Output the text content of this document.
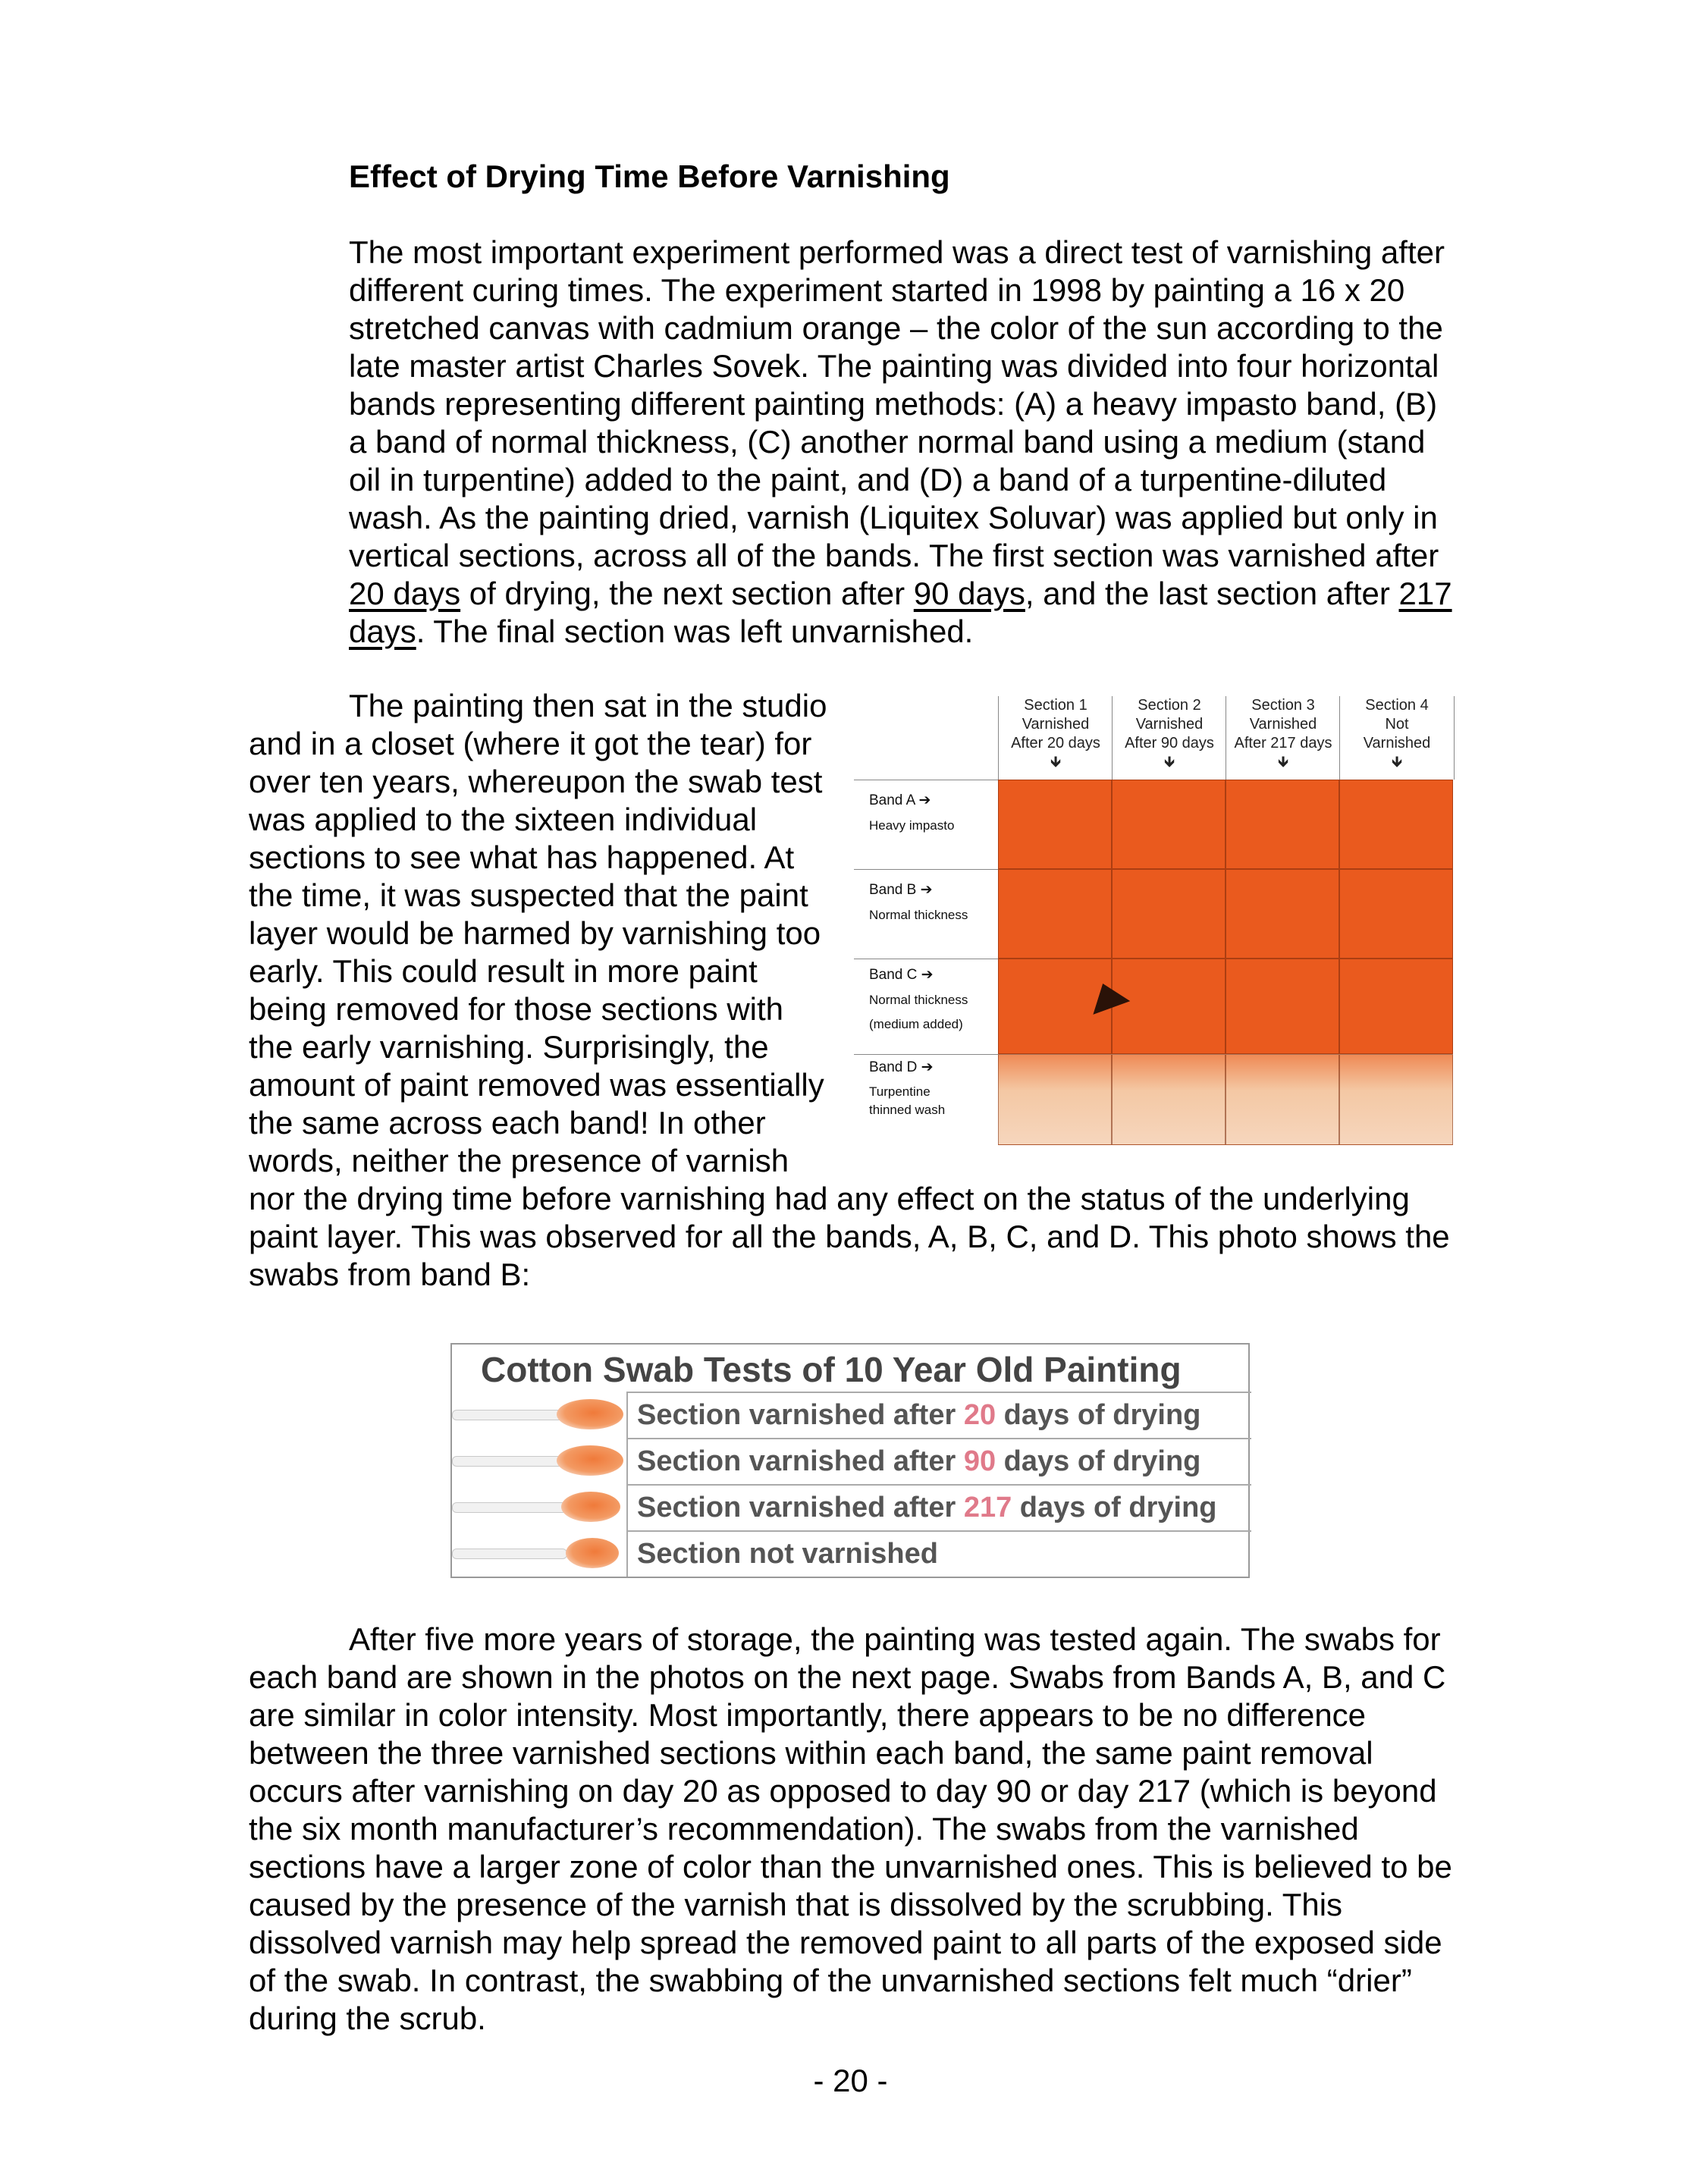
Effect of Drying Time Before Varnishing

The most important experiment performed was a direct test of varnishing after different curing times. The experiment started in 1998 by painting a 16 x 20 stretched canvas with cadmium orange – the color of the sun according to the late master artist Charles Sovek. The painting was divided into four horizontal bands representing different painting methods: (A) a heavy impasto band, (B) a band of normal thickness, (C) another normal band using a medium (stand oil in turpentine) added to the paint, and (D) a band of a turpentine-diluted wash. As the painting dried, varnish (Liquitex Soluvar) was applied but only in vertical sections, across all of the bands. The first section was varnished after 20 days of drying, the next section after 90 days, and the last section after 217 days. The final section was left unvarnished.

Section 1
Varnished
After 20 days
🡻
Section 2
Varnished
After 90 days
🡻
Section 3
Varnished
After 217 days
🡻
Section 4
Not
Varnished
🡻
Band A ➔
Heavy impasto
Band B ➔
Normal thickness
Band C ➔
Normal thickness
(medium added)
Band D ➔
Turpentine
thinned wash

The painting then sat in the studio and in a closet (where it got the tear) for over ten years, whereupon the swab test was applied to the sixteen individual sections to see what has happened. At the time, it was suspected that the paint layer would be harmed by varnishing too early. This could result in more paint being removed for those sections with the early varnishing. Surprisingly, the amount of paint removed was essentially the same across each band! In other words, neither the presence of varnish nor the drying time before varnishing had any effect on the status of the underlying paint layer. This was observed for all the bands, A, B, C, and D. This photo shows the swabs from band B:

Cotton Swab Tests of 10 Year Old Painting
Section varnished after 20 days of drying
Section varnished after 90 days of drying
Section varnished after 217 days of drying
Section not varnished

After five more years of storage, the painting was tested again. The swabs for each band are shown in the photos on the next page. Swabs from Bands A, B, and C are similar in color intensity. Most importantly, there appears to be no difference between the three varnished sections within each band, the same paint removal occurs after varnishing on day 20 as opposed to day 90 or day 217 (which is beyond the six month manufacturer’s recommendation). The swabs from the varnished sections have a larger zone of color than the unvarnished ones. This is believed to be caused by the presence of the varnish that is dissolved by the scrubbing. This dissolved varnish may help spread the removed paint to all parts of the exposed side of the swab. In contrast, the swabbing of the unvarnished sections felt much “drier” during the scrub.

- 20 -
